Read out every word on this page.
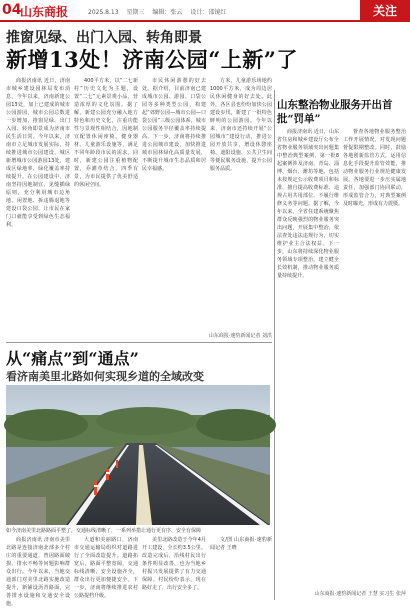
04
山东商报	2025.8.13 星期三 编辑：张云 设计：邵镜红	关注
推窗见绿、出门入园、转角即景
新增13处！济南公园“上新”了

商报济南讯 近日，济南市城乡建设园林局发布消息，今年以来，济南新建公园13处，加上已建成的城市公园游园，城市公园总数进一步增加，推窗见绿、出门入园、转角即景成为济南市民生活日常。今年以来，济南市立足城市发展实际，持续推进城市公园建设，城区新增城市公园游园13处，建成区绿地率、绿化覆盖率持续提升。在公园建设中，济南坚持因地制宜、见缝插绿原则，充分利用城市边角地、闲置地、拆违腾退地等建设口袋公园，让市民在家门口就能享受到绿色生态福利。

400平方米，以“二七新村”历史文化为主题，设置“二七”元素景观小品，营造浓厚的文化氛围。据了解，新建公园充分融入地方特色和历史文化，注重功能性与景观性相结合，因地制宜配置休闲座椅、健身器材、儿童游乐设施等，满足不同年龄段市民的需求。同时，新建公园注重植物配置，乔灌草结合，四季有景，为市民提供了优美舒适的休闲空间。

市民休闲游憩的好去处。据介绍，目前济南已建成城市公园、游园、口袋公园等多种类型公园，构建起“郊野公园—城市公园—口袋公园”三级公园体系，城市公园服务半径覆盖率持续提高。下一步，济南将持续推进公园城市建设，加快推进城市园林绿化高质量发展，不断提升城市生态品质和居民幸福感。

方米，儿童游乐场地约1000平方米，成为周边居民休闲健身的好去处。此外，各区县也纷纷加快公园建设步伐，新建了一批特色鲜明的公园游园。今年以来，济南市还持续开展“公园城市”建设行动，推进公园开放共享，增设休憩座椅、遮阳设施、公共卫生间等便民服务设施，提升公园服务品质。

山东商报·速豹新闻记者 刘洪
山东整治物业服务开出首批“罚单”

商报济南讯 近日，山东省住房和城乡建设厅公布全省物业服务领域突出问题集中整治典型案例，第一批8起案例涉及济南、青岛、淄博、烟台、潍坊等地，包括未按规定公示收费项目和标准、擅自提高收费标准、违规占用共用部位、不履行维修义务等问题。据了解，今年以来，全省住建系统聚焦群众反映强烈的物业服务突出问题，开展集中整治，依法查处违法违规行为，切实维护业主合法权益。下一步，山东将持续深化物业服务领域专项整治，建立健全长效机制，推动物业服务质量持续提升。

督查各地物业服务整治工作开展情况，对发现问题督促限期整改。同时，鼓励各地创新监管方式，运用信息化手段提升监管效能，推动物业服务行业规范健康发展。各地要进一步压实属地责任，加强部门协同联动，形成监管合力，对典型案例及时曝光，形成有力震慑。

山东商报·速豹新闻记者 王慧 实习生 张萍
从“痛点”到“通点”
看济南美里北路如何实现乡道的全域改变
如今济南美里北路路面平整了，交通标线清晰了，一系列举措让通行更有序、安全有保障

商报济南讯 济南市美里北路是连接济南北部多个村庄的重要通道，曾因路面破损、排水不畅等问题影响群众出行。今年以来，当地交通部门对美里北路实施改造提升，新铺设沥青路面，完善排水设施和交通安全设施。

大道和美丽路口，济南市交通运输局组织对道路进行了全面改造提升。道路拓宽后，路面平整宽阔，交通标线清晰，安全设施齐全，群众出行更加便捷安全。下一步，济南将继续推进农村公路提档升级。

美里北路改造于今年4月开工建设，全长约3.5公里。改造完成后，沿线村民出行条件明显改善，也为当地乡村振兴发展提供了有力交通保障。村民纷纷表示，现在路好走了，出行安全多了。

文/图 山东商报·速豹新闻记者 王晓
